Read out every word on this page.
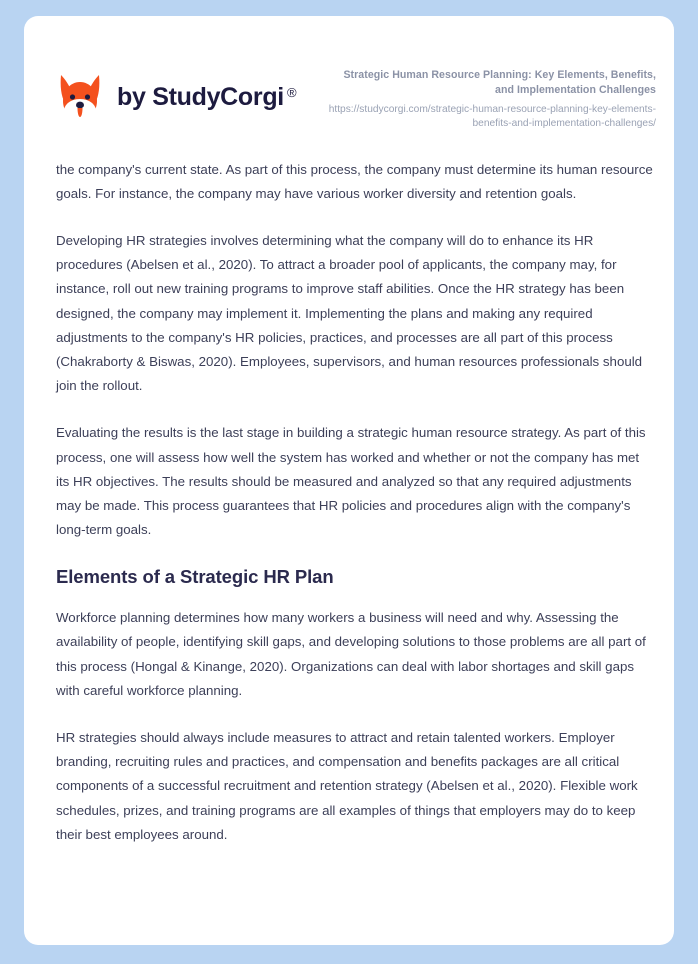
by StudyCorgi ®

Strategic Human Resource Planning: Key Elements, Benefits, and Implementation Challenges

https://studycorgi.com/strategic-human-resource-planning-key-elements-benefits-and-implementation-challenges/

the company's current state. As part of this process, the company must determine its human resource goals. For instance, the company may have various worker diversity and retention goals.

Developing HR strategies involves determining what the company will do to enhance its HR procedures (Abelsen et al., 2020). To attract a broader pool of applicants, the company may, for instance, roll out new training programs to improve staff abilities. Once the HR strategy has been designed, the company may implement it. Implementing the plans and making any required adjustments to the company's HR policies, practices, and processes are all part of this process (Chakraborty & Biswas, 2020). Employees, supervisors, and human resources professionals should join the rollout.

Evaluating the results is the last stage in building a strategic human resource strategy. As part of this process, one will assess how well the system has worked and whether or not the company has met its HR objectives. The results should be measured and analyzed so that any required adjustments may be made. This process guarantees that HR policies and procedures align with the company's long-term goals.

Elements of a Strategic HR Plan

Workforce planning determines how many workers a business will need and why. Assessing the availability of people, identifying skill gaps, and developing solutions to those problems are all part of this process (Hongal & Kinange, 2020). Organizations can deal with labor shortages and skill gaps with careful workforce planning.

HR strategies should always include measures to attract and retain talented workers. Employer branding, recruiting rules and practices, and compensation and benefits packages are all critical components of a successful recruitment and retention strategy (Abelsen et al., 2020). Flexible work schedules, prizes, and training programs are all examples of things that employers may do to keep their best employees around.
